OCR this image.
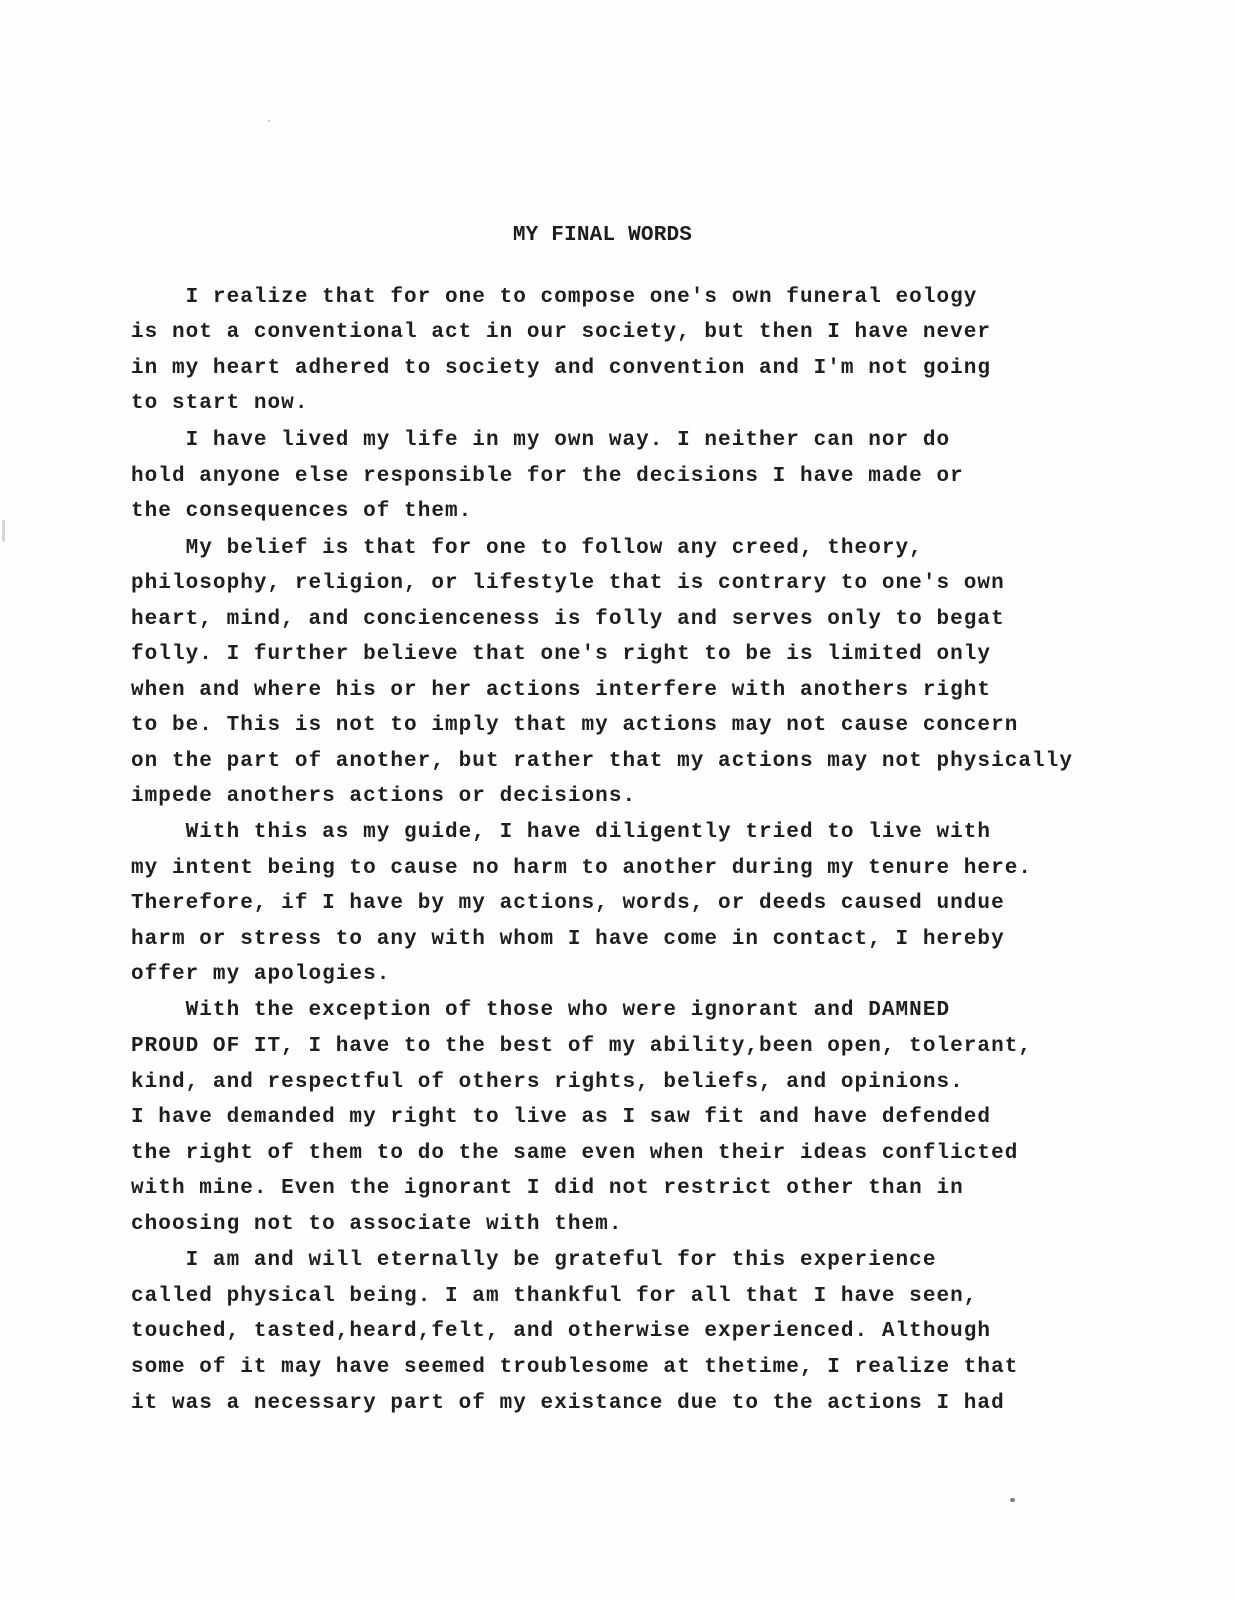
MY FINAL WORDS
I realize that for one to compose one's own funeral eology
is not a conventional act in our society, but then I have never
in my heart adhered to society and convention and I'm not going
to start now.
I have lived my life in my own way. I neither can nor do
hold anyone else responsible for the decisions I have made or
the consequences of them.
My belief is that for one to follow any creed, theory,
philosophy, religion, or lifestyle that is contrary to one's own
heart, mind, and concienceness is folly and serves only to begat
folly. I further believe that one's right to be is limited only
when and where his or her actions interfere with anothers right
to be. This is not to imply that my actions may not cause concern
on the part of another, but rather that my actions may not physically
impede anothers actions or decisions.
With this as my guide, I have diligently tried to live with
my intent being to cause no harm to another during my tenure here.
Therefore, if I have by my actions, words, or deeds caused undue
harm or stress to any with whom I have come in contact, I hereby
offer my apologies.
With the exception of those who were ignorant and DAMNED
PROUD OF IT, I have to the best of my ability,been open, tolerant,
kind, and respectful of others rights, beliefs, and opinions.
I have demanded my right to live as I saw fit and have defended
the right of them to do the same even when their ideas conflicted
with mine. Even the ignorant I did not restrict other than in
choosing not to associate with them.
I am and will eternally be grateful for this experience
called physical being. I am thankful for all that I have seen,
touched, tasted,heard,felt, and otherwise experienced. Although
some of it may have seemed troublesome at thetime, I realize that
it was a necessary part of my existance due to the actions I had
